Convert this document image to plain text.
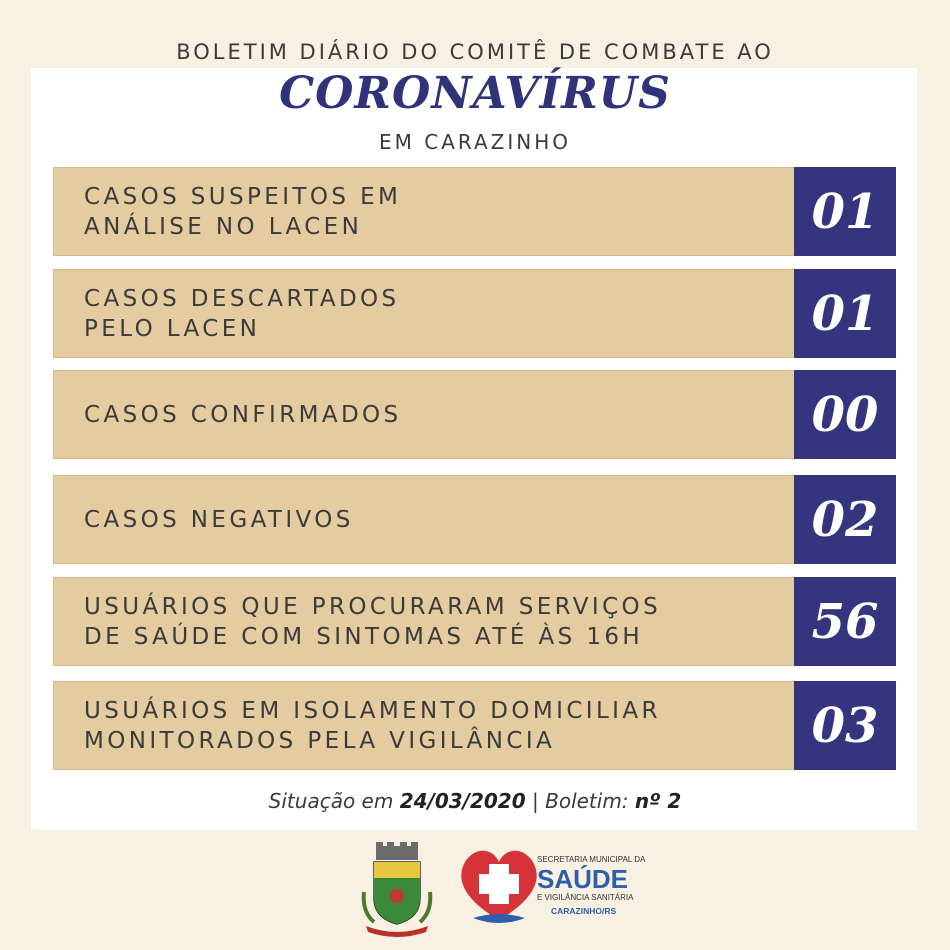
BOLETIM DIÁRIO DO COMITÊ DE COMBATE AO
CORONAVÍRUS
EM CARAZINHO
CASOS SUSPEITOS EM
ANÁLISE NO LACEN	01
CASOS DESCARTADOS
PELO LACEN	01
CASOS CONFIRMADOS	00
CASOS NEGATIVOS	02
USUÁRIOS QUE PROCURARAM SERVIÇOS
DE SAÚDE COM SINTOMAS ATÉ ÀS 16H	56
USUÁRIOS EM ISOLAMENTO DOMICILIAR
MONITORADOS PELA VIGILÂNCIA	03
Situação em 24/03/2020 | Boletim: nº 2
SECRETARIA MUNICIPAL DA
SAÚDE
E VIGILÂNCIA SANITÁRIA
CARAZINHO/RS
